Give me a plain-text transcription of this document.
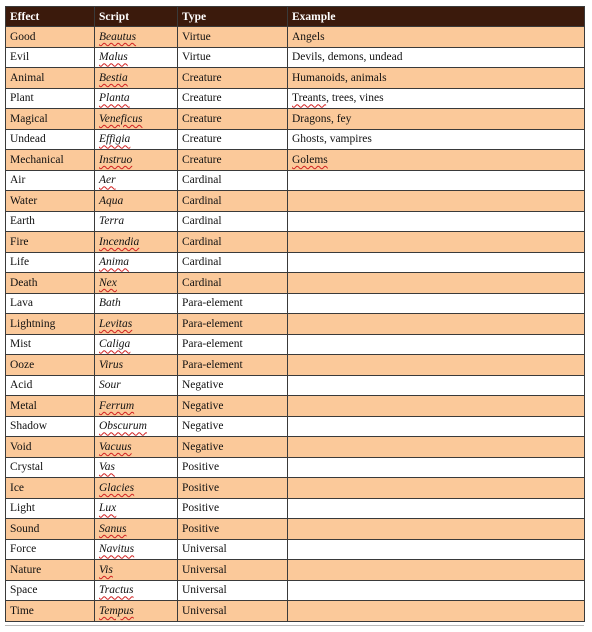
Effect	Script	Type	Example
Good	Beautus	Virtue	Angels
Evil	Malus	Virtue	Devils, demons, undead
Animal	Bestia	Creature	Humanoids, animals
Plant	Planta	Creature	Treants, trees, vines
Magical	Veneficus	Creature	Dragons, fey
Undead	Effigia	Creature	Ghosts, vampires
Mechanical	Instruo	Creature	Golems
Air	Aer	Cardinal	
Water	Aqua	Cardinal	
Earth	Terra	Cardinal	
Fire	Incendia	Cardinal	
Life	Anima	Cardinal	
Death	Nex	Cardinal	
Lava	Bath	Para-element	
Lightning	Levitas	Para-element	
Mist	Caliga	Para-element	
Ooze	Virus	Para-element	
Acid	Sour	Negative	
Metal	Ferrum	Negative	
Shadow	Obscurum	Negative	
Void	Vacuus	Negative	
Crystal	Vas	Positive	
Ice	Glacies	Positive	
Light	Lux	Positive	
Sound	Sanus	Positive	
Force	Navitus	Universal	
Nature	Vis	Universal	
Space	Tractus	Universal	
Time	Tempus	Universal	
